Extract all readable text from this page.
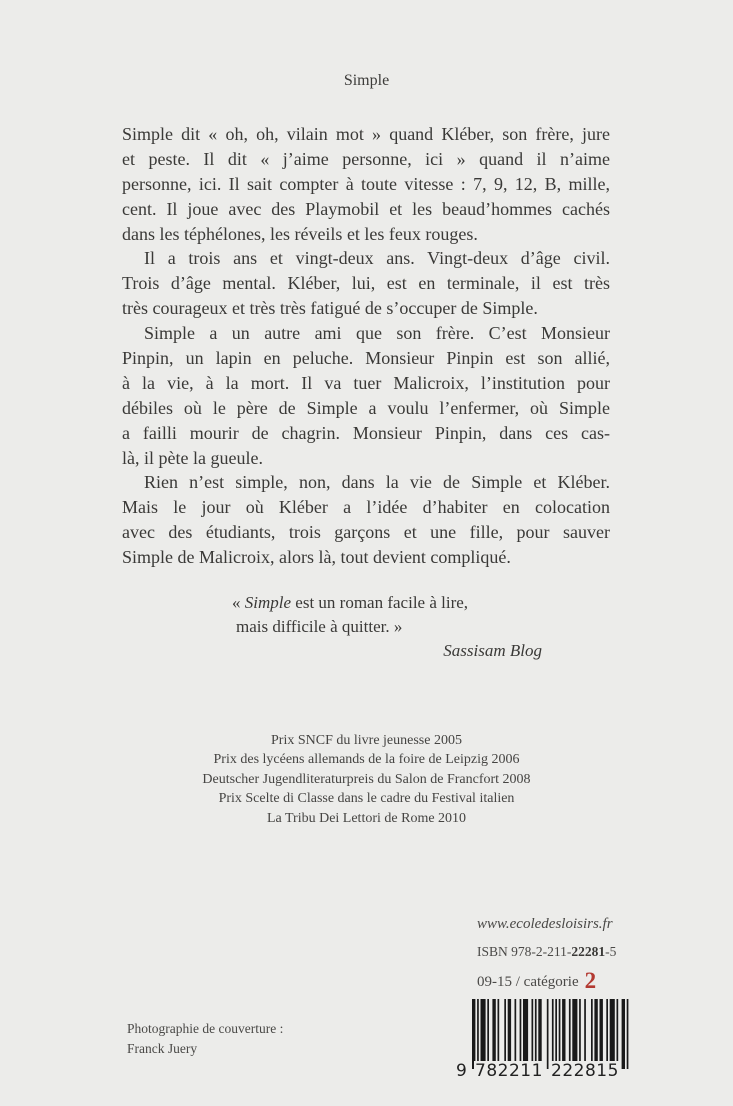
Simple
Simple dit « oh, oh, vilain mot » quand Kléber, son frère, jure
et peste. Il dit « j’aime personne, ici » quand il n’aime
personne, ici. Il sait compter à toute vitesse : 7, 9, 12, B, mille,
cent. Il joue avec des Playmobil et les beaud’hommes cachés
dans les téphélones, les réveils et les feux rouges.
Il a trois ans et vingt-deux ans. Vingt-deux d’âge civil.
Trois d’âge mental. Kléber, lui, est en terminale, il est très
très courageux et très très fatigué de s’occuper de Simple.
Simple a un autre ami que son frère. C’est Monsieur
Pinpin, un lapin en peluche. Monsieur Pinpin est son allié,
à la vie, à la mort. Il va tuer Malicroix, l’institution pour
débiles où le père de Simple a voulu l’enfermer, où Simple
a failli mourir de chagrin. Monsieur Pinpin, dans ces cas-
là, il pète la gueule.
Rien n’est simple, non, dans la vie de Simple et Kléber.
Mais le jour où Kléber a l’idée d’habiter en colocation
avec des étudiants, trois garçons et une fille, pour sauver
Simple de Malicroix, alors là, tout devient compliqué.
« Simple est un roman facile à lire,
mais difficile à quitter. »
Sassisam Blog
Prix SNCF du livre jeunesse 2005
Prix des lycéens allemands de la foire de Leipzig 2006
Deutscher Jugendliteraturpreis du Salon de Francfort 2008
Prix Scelte di Classe dans le cadre du Festival italien
La Tribu Dei Lettori de Rome 2010
www.ecoledesloisirs.fr
ISBN 978-2-211-22281-5
09-15 / catégorie 2
9 782211 222815
Photographie de couverture :
Franck Juery
